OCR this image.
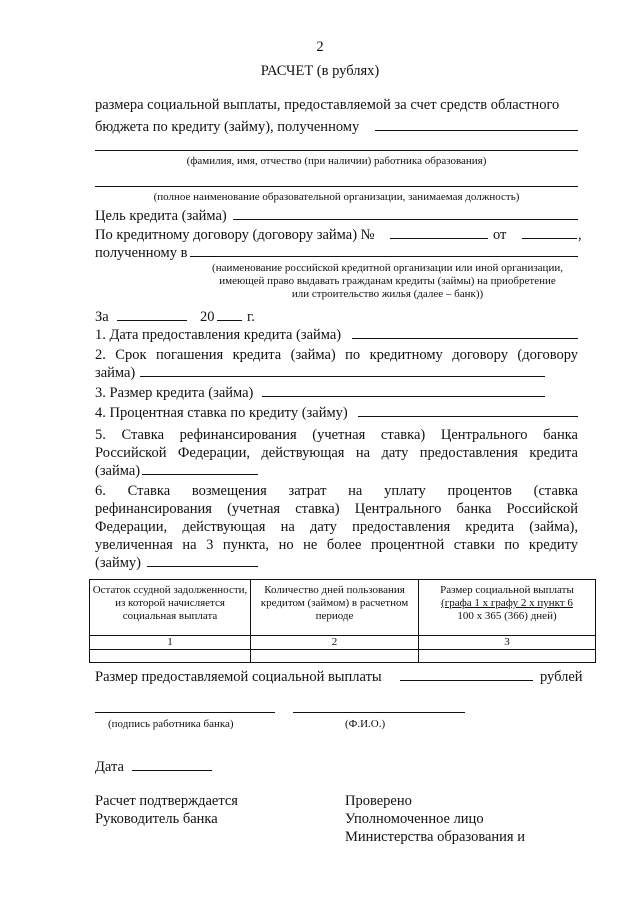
2
РАСЧЕТ (в рублях)
размера социальной выплаты, предоставляемой за счет средств областного
бюджета по кредиту (займу), полученному
(фамилия, имя, отчество (при наличии) работника образования)
(полное наименование образовательной организации, занимаемая должность)
Цель кредита (займа)
По кредитному договору (договору займа) №	от	,
полученному в
(наименование российской кредитной организации или иной организации,
имеющей право выдавать гражданам кредиты (займы) на приобретение
или строительство жилья (далее – банк))
За	20 г.
1. Дата предоставления кредита (займа)
2. Срок погашения кредита (займа) по кредитному договору (договору
займа)
3. Размер кредита (займа)
4. Процентная ставка по кредиту (займу)
5. Ставка рефинансирования (учетная ставка) Центрального банка
Российской Федерации, действующая на дату предоставления кредита
(займа)
6. Ставка возмещения затрат на уплату процентов (ставка
рефинансирования (учетная ставка) Центрального банка Российской
Федерации, действующая на дату предоставления кредита (займа),
увеличенная на 3 пункта, но не более процентной ставки по кредиту
(займу)
Остаток ссудной задолженности, из которой начисляется социальная выплата	Количество дней пользования кредитом (займом) в расчетном периоде	Размер социальной выплаты
(графа 1 х графу 2 х пункт 6
100 х 365 (366) дней)

1	2	3

Размер предоставляемой социальной выплаты	рублей
(подпись работника банка)	(Ф.И.О.)
Дата
Расчет подтверждается
Руководитель банка
Проверено
Уполномоченное лицо
Министерства образования и
